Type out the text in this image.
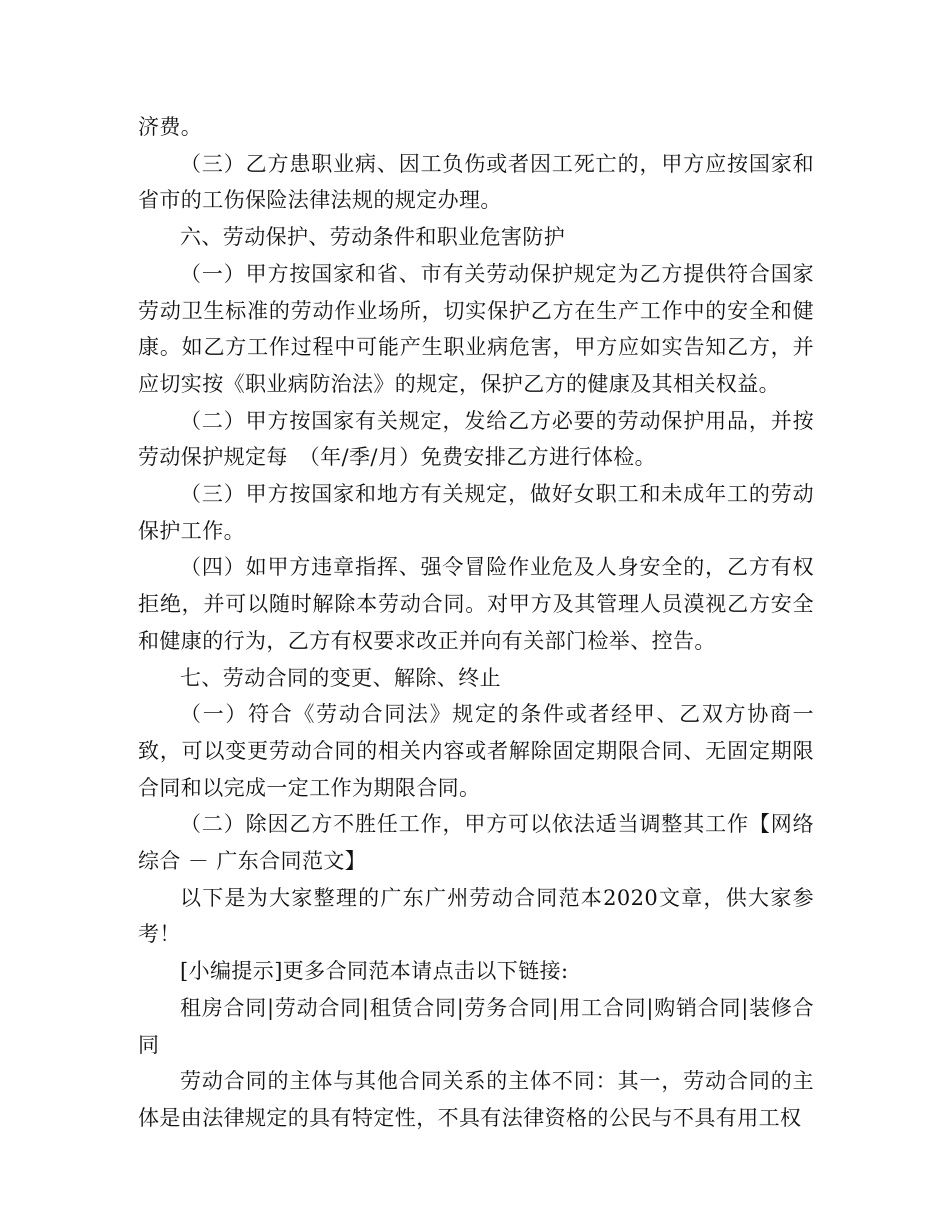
济费。

（三）乙方患职业病、因工负伤或者因工死亡的，甲方应按国家和省市的工伤保险法律法规的规定办理。

六、劳动保护、劳动条件和职业危害防护

（一）甲方按国家和省、市有关劳动保护规定为乙方提供符合国家劳动卫生标准的劳动作业场所，切实保护乙方在生产工作中的安全和健康。如乙方工作过程中可能产生职业病危害，甲方应如实告知乙方，并应切实按《职业病防治法》的规定，保护乙方的健康及其相关权益。

（二）甲方按国家有关规定，发给乙方必要的劳动保护用品，并按劳动保护规定每　（年/季/月）免费安排乙方进行体检。

（三）甲方按国家和地方有关规定，做好女职工和未成年工的劳动保护工作。

（四）如甲方违章指挥、强令冒险作业危及人身安全的，乙方有权拒绝，并可以随时解除本劳动合同。对甲方及其管理人员漠视乙方安全和健康的行为，乙方有权要求改正并向有关部门检举、控告。

七、劳动合同的变更、解除、终止

（一）符合《劳动合同法》规定的条件或者经甲、乙双方协商一致，可以变更劳动合同的相关内容或者解除固定期限合同、无固定期限合同和以完成一定工作为期限合同。

（二）除因乙方不胜任工作，甲方可以依法适当调整其工作【网络综合 － 广东合同范文】

以下是为大家整理的广东广州劳动合同范本2020文章，供大家参考！

[小编提示]更多合同范本请点击以下链接:

租房合同|劳动合同|租赁合同|劳务合同|用工合同|购销合同|装修合同

劳动合同的主体与其他合同关系的主体不同：其一，劳动合同的主体是由法律规定的具有特定性，不具有法律资格的公民与不具有用工权
